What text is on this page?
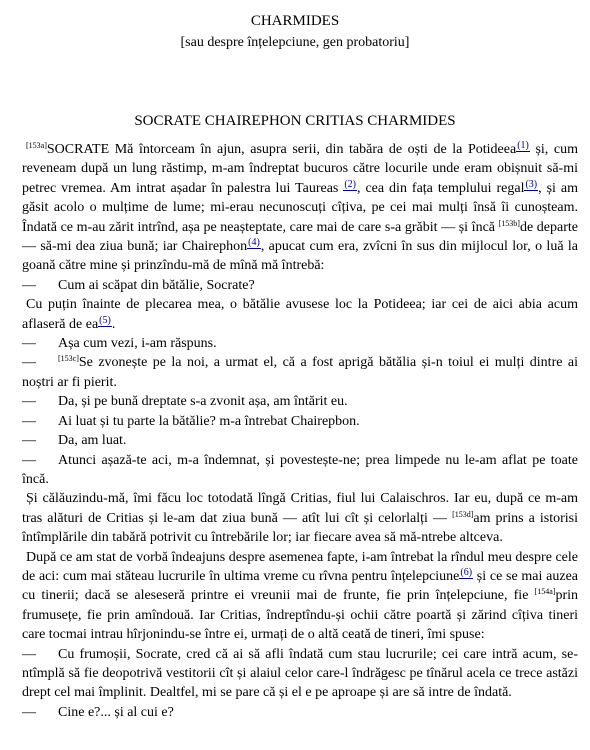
CHARMIDES
[sau despre înțelepciune, gen probatoriu]
SOCRATE CHAIREPHON CRITIAS CHARMIDES

[153a]SOCRATE Mă întorceam în ajun, asupra serii, din tabăra de oști de la Potideea$^{(1)}$ și, cum reveneam după un lung răstimp, m-am îndreptat bucuros către locurile unde eram obișnuit să-mi petrec vremea. Am intrat așadar în palestra lui Taureas $^{(2)}$, cea din fața templului regal$^{(3)}$, și am găsit acolo o mulțime de lume; mi-erau necunoscuți cîțiva, pe cei mai mulți însă îi cunoșteam. Îndată ce m-au zărit intrînd, așa pe neașteptate, care mai de care s-a grăbit — și încă [153b]de departe — să-mi dea ziua bună; iar Chairephon$^{(4)}$, apucat cum era, zvîcni în sus din mijlocul lor, o luă la goană către mine și prinzîndu-mă de mînă mă întrebă:

— Cum ai scăpat din bătălie, Socrate?

Cu puțin înainte de plecarea mea, o bătălie avusese loc la Potideea; iar cei de aici abia acum aflaseră de ea$^{(5)}$.

— Așa cum vezi, i-am răspuns.

—	[153c]Se zvonește pe la noi, a urmat el, că a fost aprigă bătălia și-n toiul ei mulți dintre ai noștri ar fi pierit.

— Da, și pe bună dreptate s-a zvonit așa, am întărit eu.

— Ai luat și tu parte la bătălie? m-a întrebat Chairepbon.

— Da, am luat.

— Atunci așază-te aci, m-a îndemnat, și povestește-ne; prea limpede nu le-am aflat pe toate încă.

Și călăuzindu-mă, îmi făcu loc totodată lîngă Critias, fiul lui Calaischros. Iar eu, după ce m-am tras alături de Critias și le-am dat ziua bună — atît lui cît și celorlalți — [153d]am prins a istorisi întîmplările din tabără potrivit cu întrebările lor; iar fiecare avea să mă-ntrebe altceva.

După ce am stat de vorbă îndeajuns despre asemenea fapte, i-am întrebat la rîndul meu despre cele de aci: cum mai stăteau lucrurile în ultima vreme cu rîvna pentru înțelepciune$^{(6)}$ și ce se mai auzea cu tinerii; dacă se aleseseră printre ei vreunii mai de frunte, fie prin înțelepciune, fie [154a]prin frumusețe, fie prin amîndouă. Iar Critias, îndreptîndu-și ochii către poartă și zărind cîțiva tineri care tocmai intrau hîrjonindu-se între ei, urmați de o altă ceată de tineri, îmi spuse:

— Cu frumoșii, Socrate, cred că ai să afli îndată cum stau lucrurile; cei care intră acum, se-ntîmplă să fie deopotrivă vestitorii cît și alaiul celor care-l îndrăgesc pe tînărul acela ce trece astăzi drept cel mai împlinit. Dealtfel, mi se pare că și el e pe aproape și are să intre de îndată.

— Cine e?... și al cui e?
